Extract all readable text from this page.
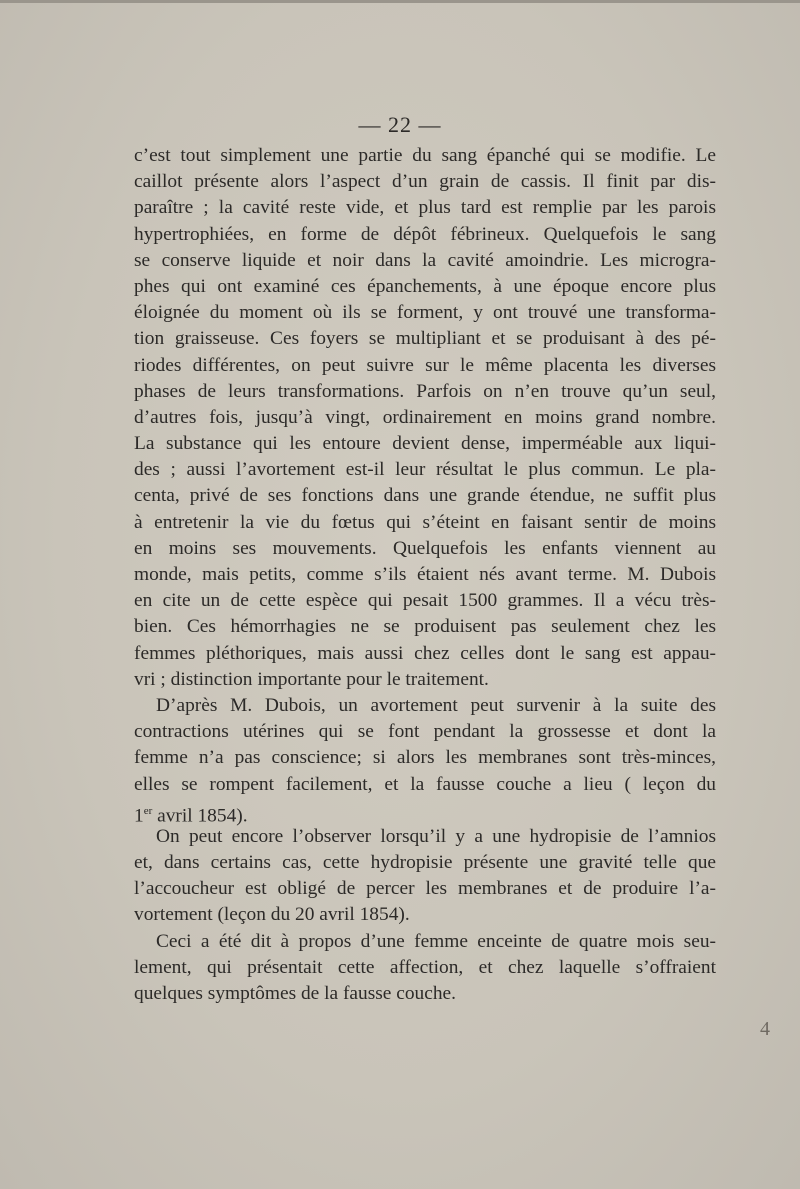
— 22 —
c’est tout simplement une partie du sang épanché qui se modifie. Le
caillot présente alors l’aspect d’un grain de cassis. Il finit par dis-
paraître ; la cavité reste vide, et plus tard est remplie par les parois
hypertrophiées, en forme de dépôt fébrineux. Quelquefois le sang
se conserve liquide et noir dans la cavité amoindrie. Les microgra-
phes qui ont examiné ces épanchements, à une époque encore plus
éloignée du moment où ils se forment, y ont trouvé une transforma-
tion graisseuse. Ces foyers se multipliant et se produisant à des pé-
riodes différentes, on peut suivre sur le même placenta les diverses
phases de leurs transformations. Parfois on n’en trouve qu’un seul,
d’autres fois, jusqu’à vingt, ordinairement en moins grand nombre.
La substance qui les entoure devient dense, imperméable aux liqui-
des ; aussi l’avortement est-il leur résultat le plus commun. Le pla-
centa, privé de ses fonctions dans une grande étendue, ne suffit plus
à entretenir la vie du fœtus qui s’éteint en faisant sentir de moins
en moins ses mouvements. Quelquefois les enfants viennent au
monde, mais petits, comme s’ils étaient nés avant terme. M. Dubois
en cite un de cette espèce qui pesait 1500 grammes. Il a vécu très-
bien. Ces hémorrhagies ne se produisent pas seulement chez les
femmes pléthoriques, mais aussi chez celles dont le sang est appau-
vri ; distinction importante pour le traitement.
D’après M. Dubois, un avortement peut survenir à la suite des
contractions utérines qui se font pendant la grossesse et dont la
femme n’a pas conscience; si alors les membranes sont très-minces,
elles se rompent facilement, et la fausse couche a lieu ( leçon du
1er avril 1854).
On peut encore l’observer lorsqu’il y a une hydropisie de l’amnios
et, dans certains cas, cette hydropisie présente une gravité telle que
l’accoucheur est obligé de percer les membranes et de produire l’a-
vortement (leçon du 20 avril 1854).
Ceci a été dit à propos d’une femme enceinte de quatre mois seu-
lement, qui présentait cette affection, et chez laquelle s’offraient
quelques symptômes de la fausse couche.
4
